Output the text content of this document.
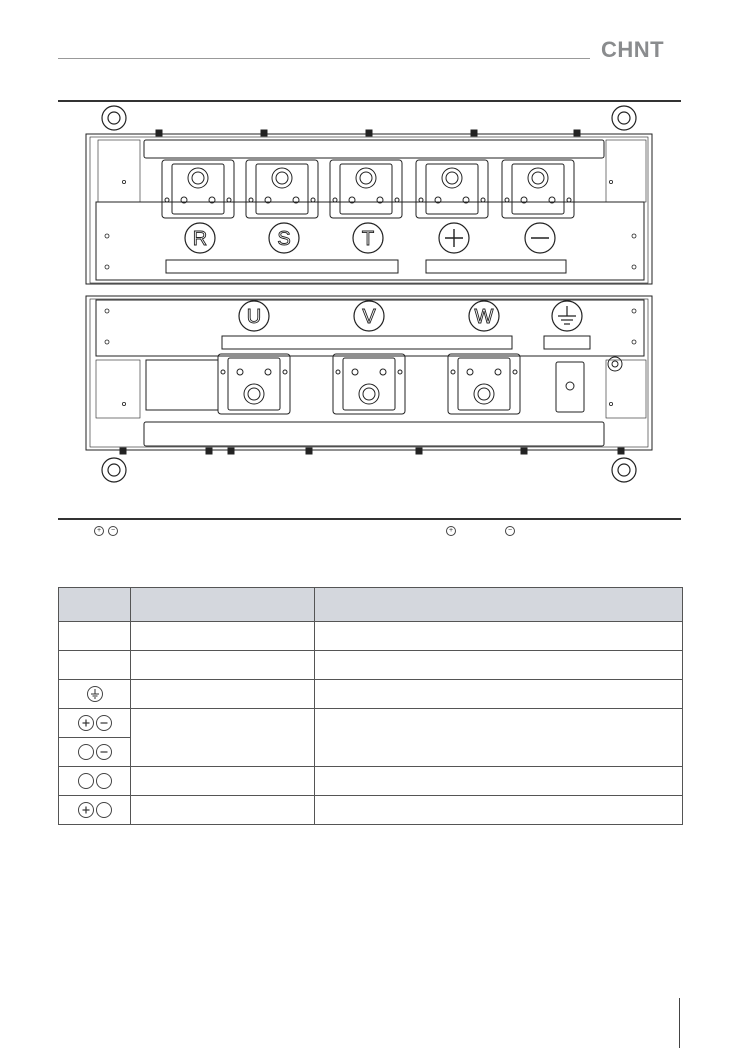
CHNT
R	S	T
U	V	W
+	−	+	−
